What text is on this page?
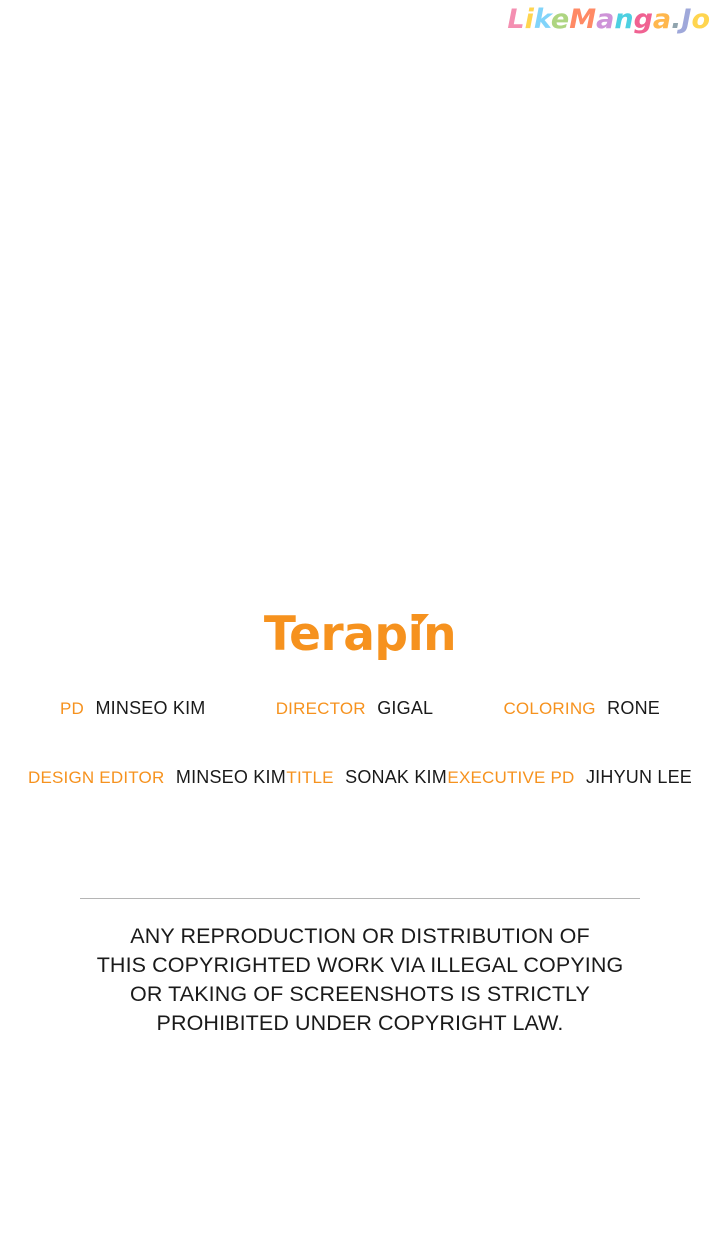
LikeManga.Jo
Terapin
PD MINSEO KIM	DIRECTOR GIGAL	COLORING RONE
DESIGN EDITOR MINSEO KIM TITLE SONAK KIM EXECUTIVE PD JIHYUN LEE
ANY REPRODUCTION OR DISTRIBUTION OF
THIS COPYRIGHTED WORK VIA ILLEGAL COPYING
OR TAKING OF SCREENSHOTS IS STRICTLY
PROHIBITED UNDER COPYRIGHT LAW.
